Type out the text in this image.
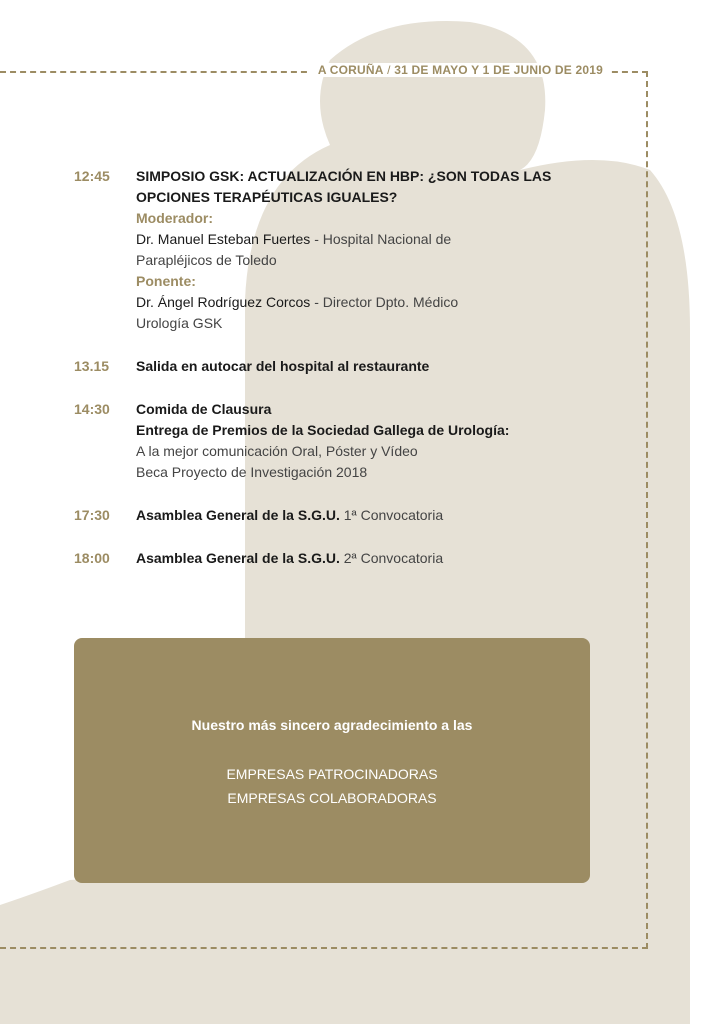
A CORUÑA / 31 DE MAYO Y 1 DE JUNIO DE 2019
12:45	SIMPOSIO GSK: ACTUALIZACIÓN EN HBP: ¿SON TODAS LAS
OPCIONES TERAPÉUTICAS IGUALES?
Moderador:
Dr. Manuel Esteban Fuertes - Hospital Nacional de
Parapléjicos de Toledo
Ponente:
Dr. Ángel Rodríguez Corcos - Director Dpto. Médico
Urología GSK
13.15	Salida en autocar del hospital al restaurante
14:30	Comida de Clausura
Entrega de Premios de la Sociedad Gallega de Urología:
A la mejor comunicación Oral, Póster y Vídeo
Beca Proyecto de Investigación 2018
17:30	Asamblea General de la S.G.U. 1ª Convocatoria
18:00	Asamblea General de la S.G.U. 2ª Convocatoria
Nuestro más sincero agradecimiento a las
EMPRESAS PATROCINADORAS
EMPRESAS COLABORADORAS
